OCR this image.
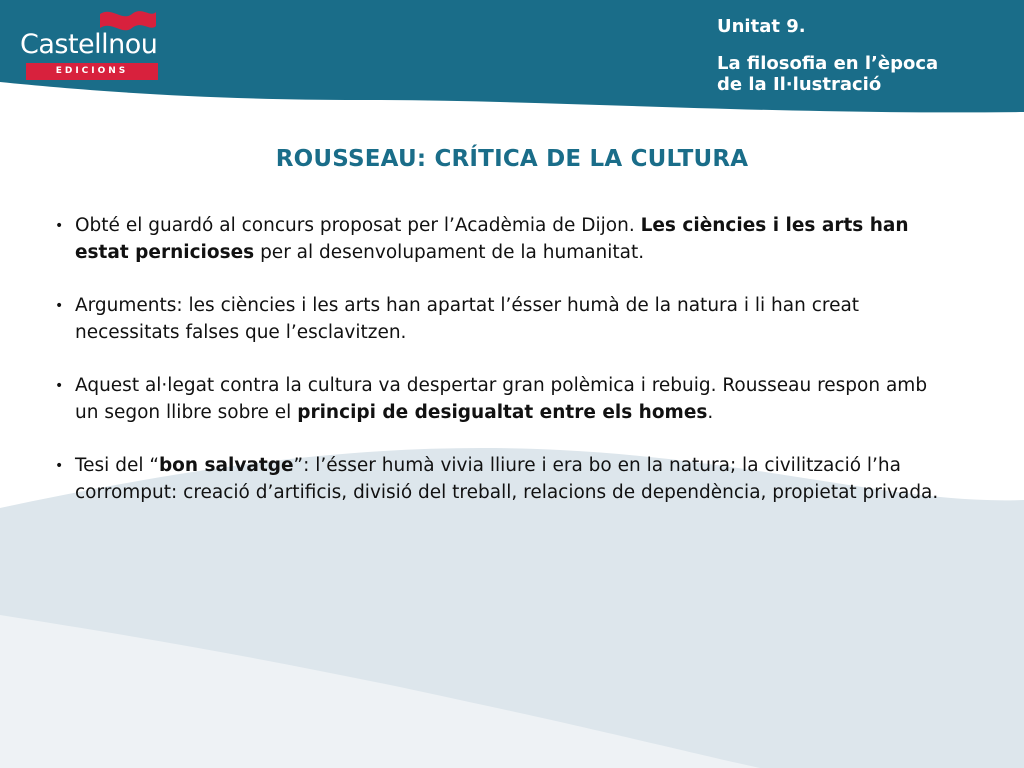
Castellnou
EDICIONS
Unitat 9.
La filosofia en l’època
de la Il·lustració
ROUSSEAU: CRÍTICA DE LA CULTURA
• Obté el guardó al concurs proposat per l’Acadèmia de Dijon. Les ciències i les arts han estat pernicioses per al desenvolupament de la humanitat.
• Arguments: les ciències i les arts han apartat l’ésser humà de la natura i li han creat necessitats falses que l’esclavitzen.
• Aquest al·legat contra la cultura va despertar gran polèmica i rebuig. Rousseau respon amb un segon llibre sobre el principi de desigualtat entre els homes.
• Tesi del “bon salvatge”: l’ésser humà vivia lliure i era bo en la natura; la civilització l’ha corromput: creació d’artificis, divisió del treball, relacions de dependència, propietat privada.
